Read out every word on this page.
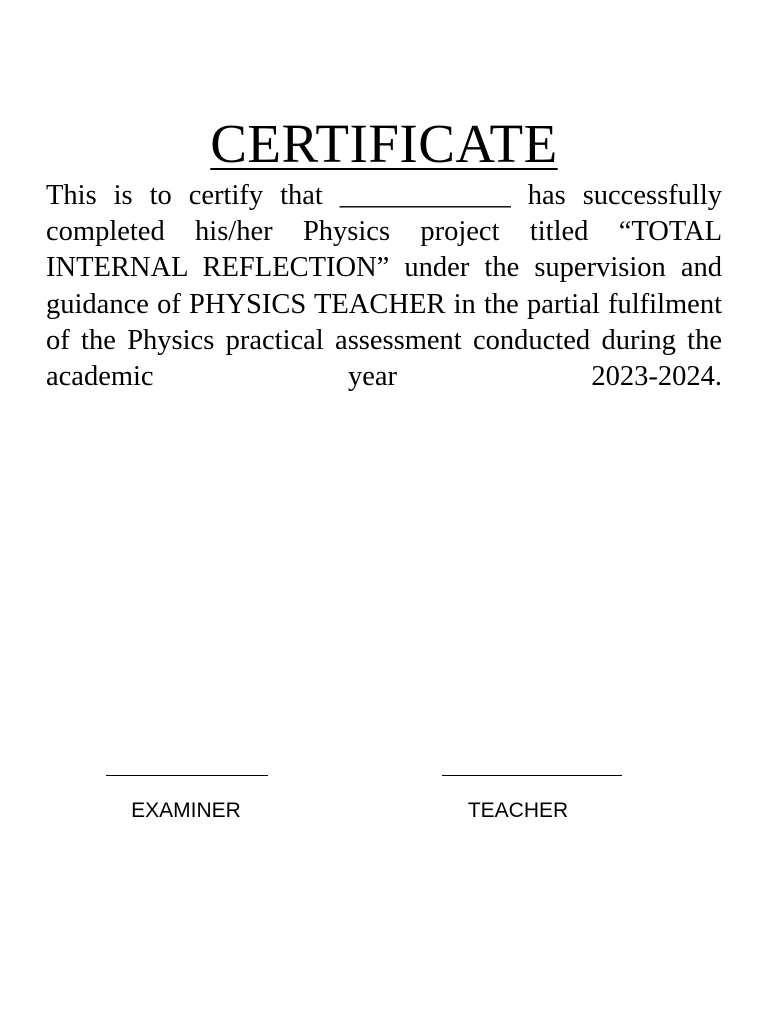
CERTIFICATE
This is to certify that ____________ has successfully completed his/her Physics project titled “TOTAL INTERNAL REFLECTION” under the supervision and guidance of PHYSICS TEACHER in the partial fulfilment of the Physics practical assessment conducted during the academic year 2023-2024.
EXAMINER	TEACHER
